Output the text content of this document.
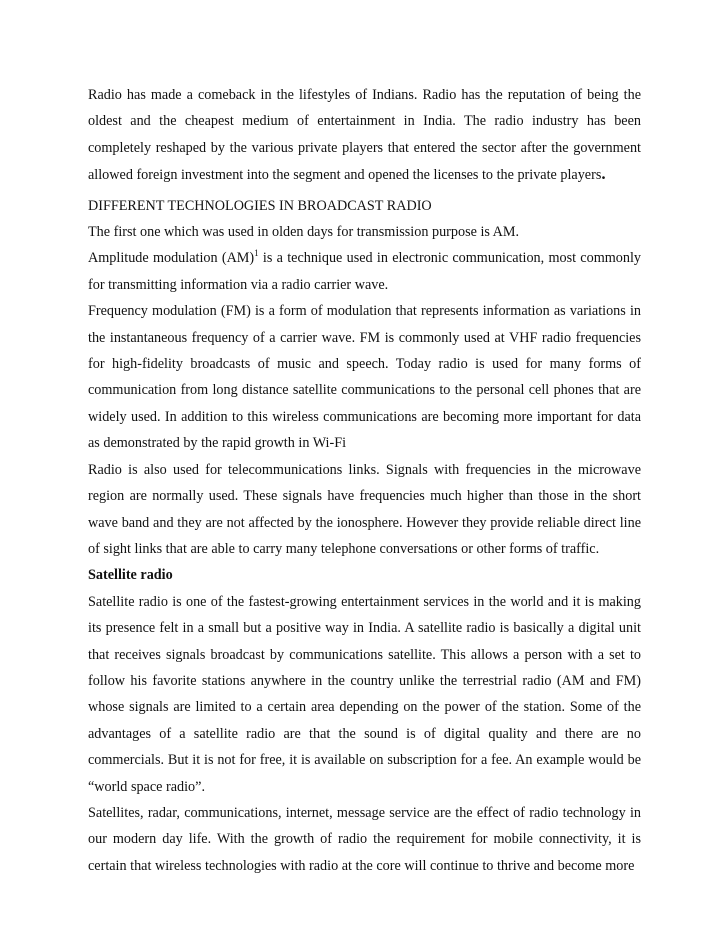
Radio has made a comeback in the lifestyles of Indians. Radio has the reputation of being the oldest and the cheapest medium of entertainment in India. The radio industry has been completely reshaped by the various private players that entered the sector after the government allowed foreign investment into the segment and opened the licenses to the private players.

DIFFERENT TECHNOLOGIES IN BROADCAST RADIO

The first one which was used in olden days for transmission purpose is AM.

Amplitude modulation (AM)$^1$ is a technique used in electronic communication, most commonly for transmitting information via a radio carrier wave.

Frequency modulation (FM) is a form of modulation that represents information as variations in the instantaneous frequency of a carrier wave. FM is commonly used at VHF radio frequencies for high-fidelity broadcasts of music and speech. Today radio is used for many forms of communication from long distance satellite communications to the personal cell phones that are widely used. In addition to this wireless communications are becoming more important for data as demonstrated by the rapid growth in Wi-Fi

Radio is also used for telecommunications links. Signals with frequencies in the microwave region are normally used. These signals have frequencies much higher than those in the short wave band and they are not affected by the ionosphere. However they provide reliable direct line of sight links that are able to carry many telephone conversations or other forms of traffic.

Satellite radio

Satellite radio is one of the fastest-growing entertainment services in the world and it is making its presence felt in a small but a positive way in India. A satellite radio is basically a digital unit that receives signals broadcast by communications satellite. This allows a person with a set to follow his favorite stations anywhere in the country unlike the terrestrial radio (AM and FM) whose signals are limited to a certain area depending on the power of the station. Some of the advantages of a satellite radio are that the sound is of digital quality and there are no commercials. But it is not for free, it is available on subscription for a fee. An example would be “world space radio”.

Satellites, radar, communications, internet, message service are the effect of radio technology in our modern day life. With the growth of radio the requirement for mobile connectivity, it is certain that wireless technologies with radio at the core will continue to thrive and become more
